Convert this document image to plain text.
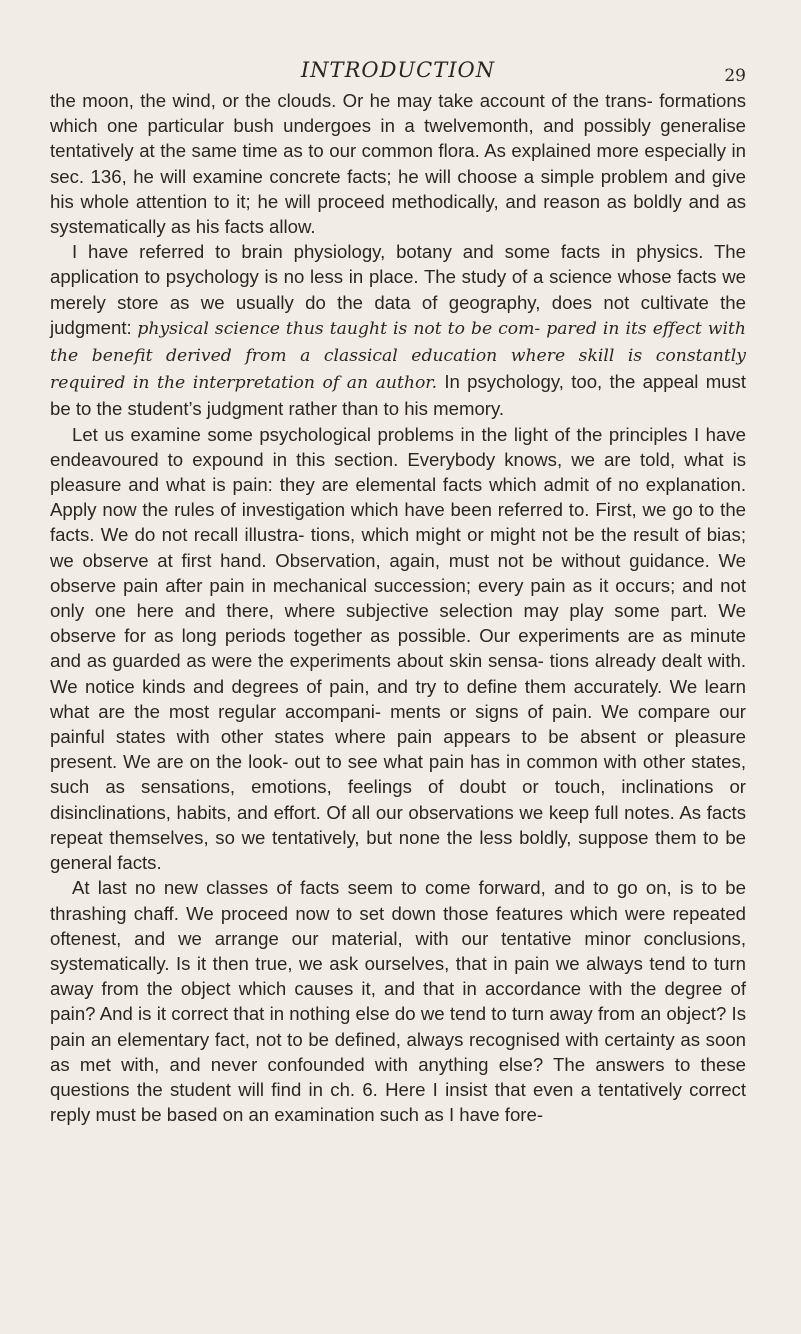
INTRODUCTION	29

the moon, the wind, or the clouds. Or he may take account of the trans- formations which one particular bush undergoes in a twelvemonth, and possibly generalise tentatively at the same time as to our common flora. As explained more especially in sec. 136, he will examine concrete facts; he will choose a simple problem and give his whole attention to it; he will proceed methodically, and reason as boldly and as systematically as his facts allow.

I have referred to brain physiology, botany and some facts in physics. The application to psychology is no less in place. The study of a science whose facts we merely store as we usually do the data of geography, does not cultivate the judgment: physical science thus taught is not to be com- pared in its effect with the benefit derived from a classical education where skill is constantly required in the interpretation of an author. In psychology, too, the appeal must be to the student’s judgment rather than to his memory.

Let us examine some psychological problems in the light of the principles I have endeavoured to expound in this section. Everybody knows, we are told, what is pleasure and what is pain: they are elemental facts which admit of no explanation. Apply now the rules of investigation which have been referred to. First, we go to the facts. We do not recall illustra- tions, which might or might not be the result of bias; we observe at first hand. Observation, again, must not be without guidance. We observe pain after pain in mechanical succession; every pain as it occurs; and not only one here and there, where subjective selection may play some part. We observe for as long periods together as possible. Our experiments are as minute and as guarded as were the experiments about skin sensa- tions already dealt with. We notice kinds and degrees of pain, and try to define them accurately. We learn what are the most regular accompani- ments or signs of pain. We compare our painful states with other states where pain appears to be absent or pleasure present. We are on the look- out to see what pain has in common with other states, such as sensations, emotions, feelings of doubt or touch, inclinations or disinclinations, habits, and effort. Of all our observations we keep full notes. As facts repeat themselves, so we tentatively, but none the less boldly, suppose them to be general facts.

At last no new classes of facts seem to come forward, and to go on, is to be thrashing chaff. We proceed now to set down those features which were repeated oftenest, and we arrange our material, with our tentative minor conclusions, systematically. Is it then true, we ask ourselves, that in pain we always tend to turn away from the object which causes it, and that in accordance with the degree of pain? And is it correct that in nothing else do we tend to turn away from an object? Is pain an elementary fact, not to be defined, always recognised with certainty as soon as met with, and never confounded with anything else? The answers to these questions the student will find in ch. 6. Here I insist that even a tentatively correct reply must be based on an examination such as I have fore-
